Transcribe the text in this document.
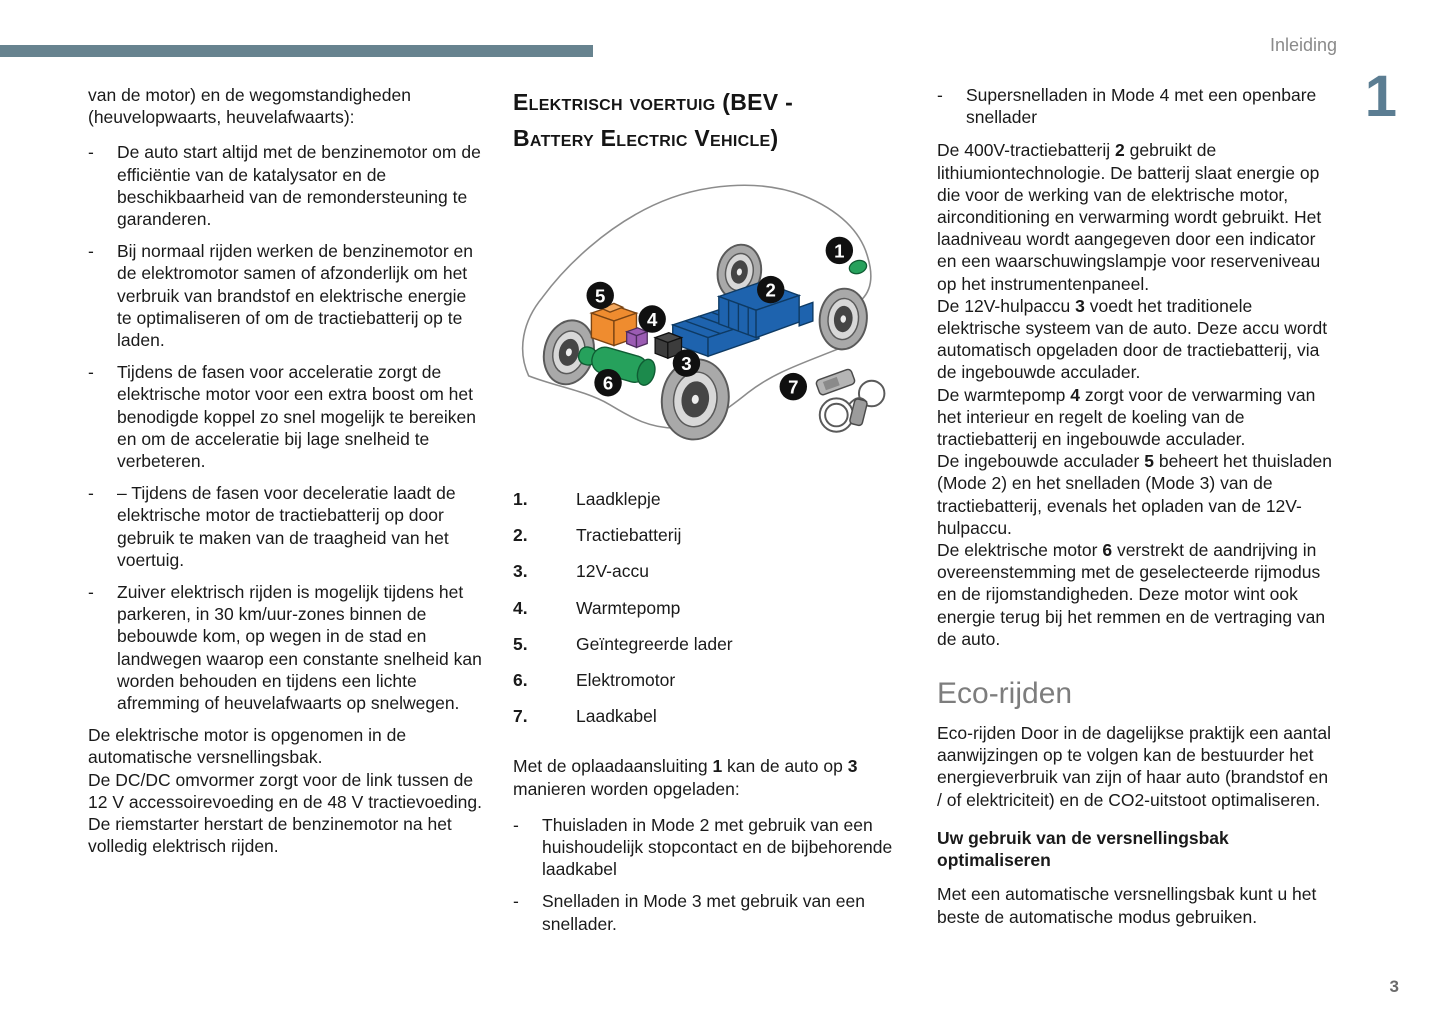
Inleiding
1
3

van de motor) en de wegomstandigheden (heuvelopwaarts, heuvelafwaarts):

-	De auto start altijd met de benzinemotor om de efficiëntie van de katalysator en de beschikbaarheid van de remondersteuning te garanderen.
-	Bij normaal rijden werken de benzinemotor en de elektromotor samen of afzonderlijk om het verbruik van brandstof en elektrische energie te optimaliseren of om de tractiebatterij op te laden.
-	Tijdens de fasen voor acceleratie zorgt de elektrische motor voor een extra boost om het benodigde koppel zo snel mogelijk te bereiken en om de acceleratie bij lage snelheid te verbeteren.
-	– Tijdens de fasen voor deceleratie laadt de elektrische motor de tractiebatterij op door gebruik te maken van de traagheid van het voertuig.
-	Zuiver elektrisch rijden is mogelijk tijdens het parkeren, in 30 km/uur-zones binnen de bebouwde kom, op wegen in de stad en landwegen waarop een constante snelheid kan worden behouden en tijdens een lichte afremming of heuvelafwaarts op snelwegen.

De elektrische motor is opgenomen in de automatische versnellingsbak.

De DC/DC omvormer zorgt voor de link tussen de 12 V accessoirevoeding en de 48 V tractievoeding.

De riemstarter herstart de benzinemotor na het volledig elektrisch rijden.

Elektrisch voertuig (BEV -
Battery Electric Vehicle)
1
2
3
4
5
6	7
1.	Laadklepje
2.	Tractiebatterij
3.	12V-accu
4.	Warmtepomp
5.	Geïntegreerde lader
6.	Elektromotor
7.	Laadkabel

Met de oplaadaansluiting 1 kan de auto op 3 manieren worden opgeladen:

-	Thuisladen in Mode 2 met gebruik van een huishoudelijk stopcontact en de bijbehorende laadkabel
-	Snelladen in Mode 3 met gebruik van een snellader.
-	Supersnelladen in Mode 4 met een openbare snellader

De 400V-tractiebatterij 2 gebruikt de lithiumiontechnologie. De batterij slaat energie op die voor de werking van de elektrische motor, airconditioning en verwarming wordt gebruikt. Het laadniveau wordt aangegeven door een indicator en een waarschuwingslampje voor reserveniveau op het instrumentenpaneel.

De 12V-hulpaccu 3 voedt het traditionele elektrische systeem van de auto. Deze accu wordt automatisch opgeladen door de tractiebatterij, via de ingebouwde acculader.

De warmtepomp 4 zorgt voor de verwarming van het interieur en regelt de koeling van de tractiebatterij en ingebouwde acculader.

De ingebouwde acculader 5 beheert het thuisladen (Mode 2) en het snelladen (Mode 3) van de tractiebatterij, evenals het opladen van de 12V-hulpaccu.

De elektrische motor 6 verstrekt de aandrijving in overeenstemming met de geselecteerde rijmodus en de rijomstandigheden. Deze motor wint ook energie terug bij het remmen en de vertraging van de auto.

Eco-rijden

Eco-rijden Door in de dagelijkse praktijk een aantal aanwijzingen op te volgen kan de bestuurder het energieverbruik van zijn of haar auto (brandstof en / of elektriciteit) en de CO2-uitstoot optimaliseren.

Uw gebruik van de versnellingsbak optimaliseren

Met een automatische versnellingsbak kunt u het beste de automatische modus gebruiken.
